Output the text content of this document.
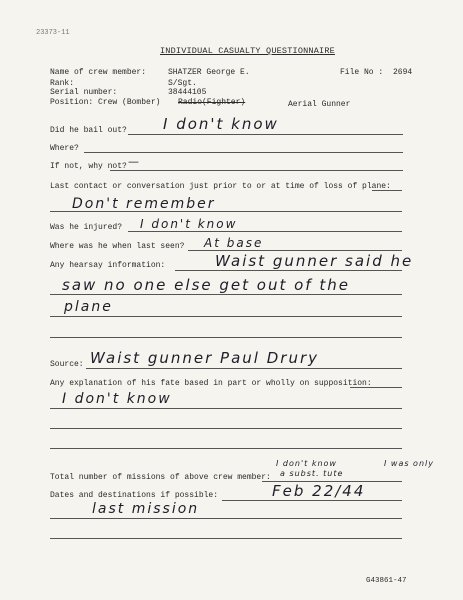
23373-11
INDIVIDUAL CASUALTY QUESTIONNAIRE
Name of crew member:	SHATZER George E.	File No : 2694
Rank:	S/Sgt.
Serial number:	38444105
Position: Crew (Bomber) Radio(Fighter)	Aerial Gunner
Did he bail out? I don't know
Where?
If not, why not? —
Last contact or conversation just prior to or at time of loss of plane:
Don't remember
Was he injured? I don't know
Where was he when last seen? At base
Any hearsay information:	Waist gunner said he
saw no one else get out of the
plane
Source: Waist gunner Paul Drury
Any explanation of his fate based in part or wholly on supposition:
I don't know
I don't know	I was only
Total number of missions of above crew member: a subst. tute
Dates and destinations if possible:	Feb 22/44
last mission
G43861-47
